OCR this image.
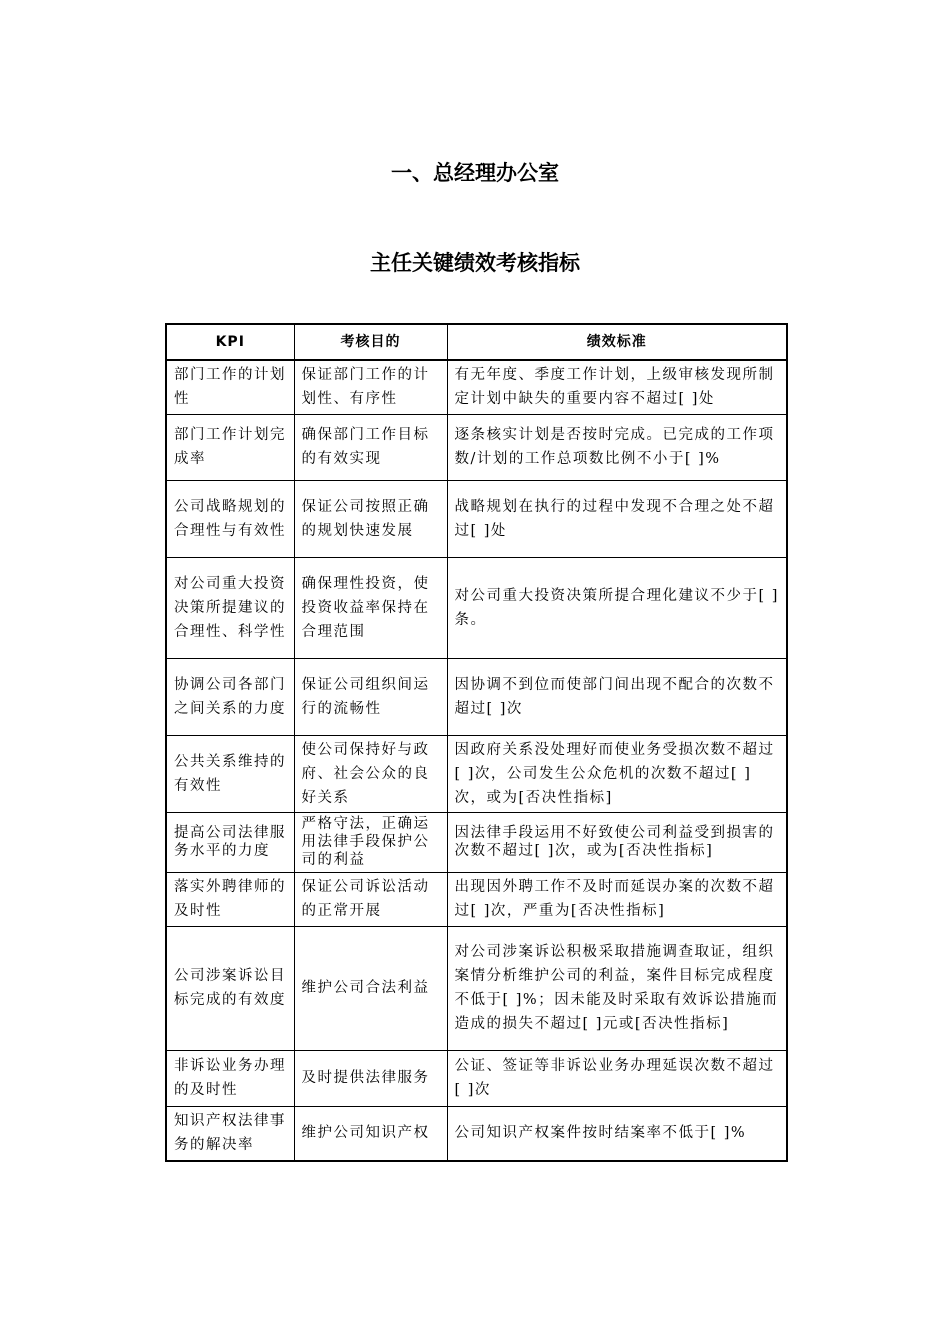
一、总经理办公室
主任关键绩效考核指标
KPI	考核目的	绩效标准
部门工作的计划性	保证部门工作的计划性、有序性	有无年度、季度工作计划，上级审核发现所制定计划中缺失的重要内容不超过[ ]处
部门工作计划完成率	确保部门工作目标的有效实现	逐条核实计划是否按时完成。已完成的工作项数/计划的工作总项数比例不小于[ ]%
公司战略规划的合理性与有效性	保证公司按照正确的规划快速发展	战略规划在执行的过程中发现不合理之处不超过[ ]处
对公司重大投资决策所提建议的合理性、科学性	确保理性投资，使投资收益率保持在合理范围	对公司重大投资决策所提合理化建议不少于[ ]条。
协调公司各部门之间关系的力度	保证公司组织间运行的流畅性	因协调不到位而使部门间出现不配合的次数不超过[ ]次
公共关系维持的有效性	使公司保持好与政府、社会公众的良好关系	因政府关系没处理好而使业务受损次数不超过[ ]次，公司发生公众危机的次数不超过[ ]次，或为[否决性指标]
提高公司法律服务水平的力度	严格守法，正确运用法律手段保护公司的利益	因法律手段运用不好致使公司利益受到损害的次数不超过[ ]次，或为[否决性指标]
落实外聘律师的及时性	保证公司诉讼活动的正常开展	出现因外聘工作不及时而延误办案的次数不超过[ ]次，严重为[否决性指标]
公司涉案诉讼目标完成的有效度	维护公司合法利益	对公司涉案诉讼积极采取措施调查取证，组织案情分析维护公司的利益，案件目标完成程度不低于[ ]%；因未能及时采取有效诉讼措施而造成的损失不超过[ ]元或[否决性指标]
非诉讼业务办理的及时性	及时提供法律服务	公证、签证等非诉讼业务办理延误次数不超过[ ]次
知识产权法律事务的解决率	维护公司知识产权	公司知识产权案件按时结案率不低于[ ]%
